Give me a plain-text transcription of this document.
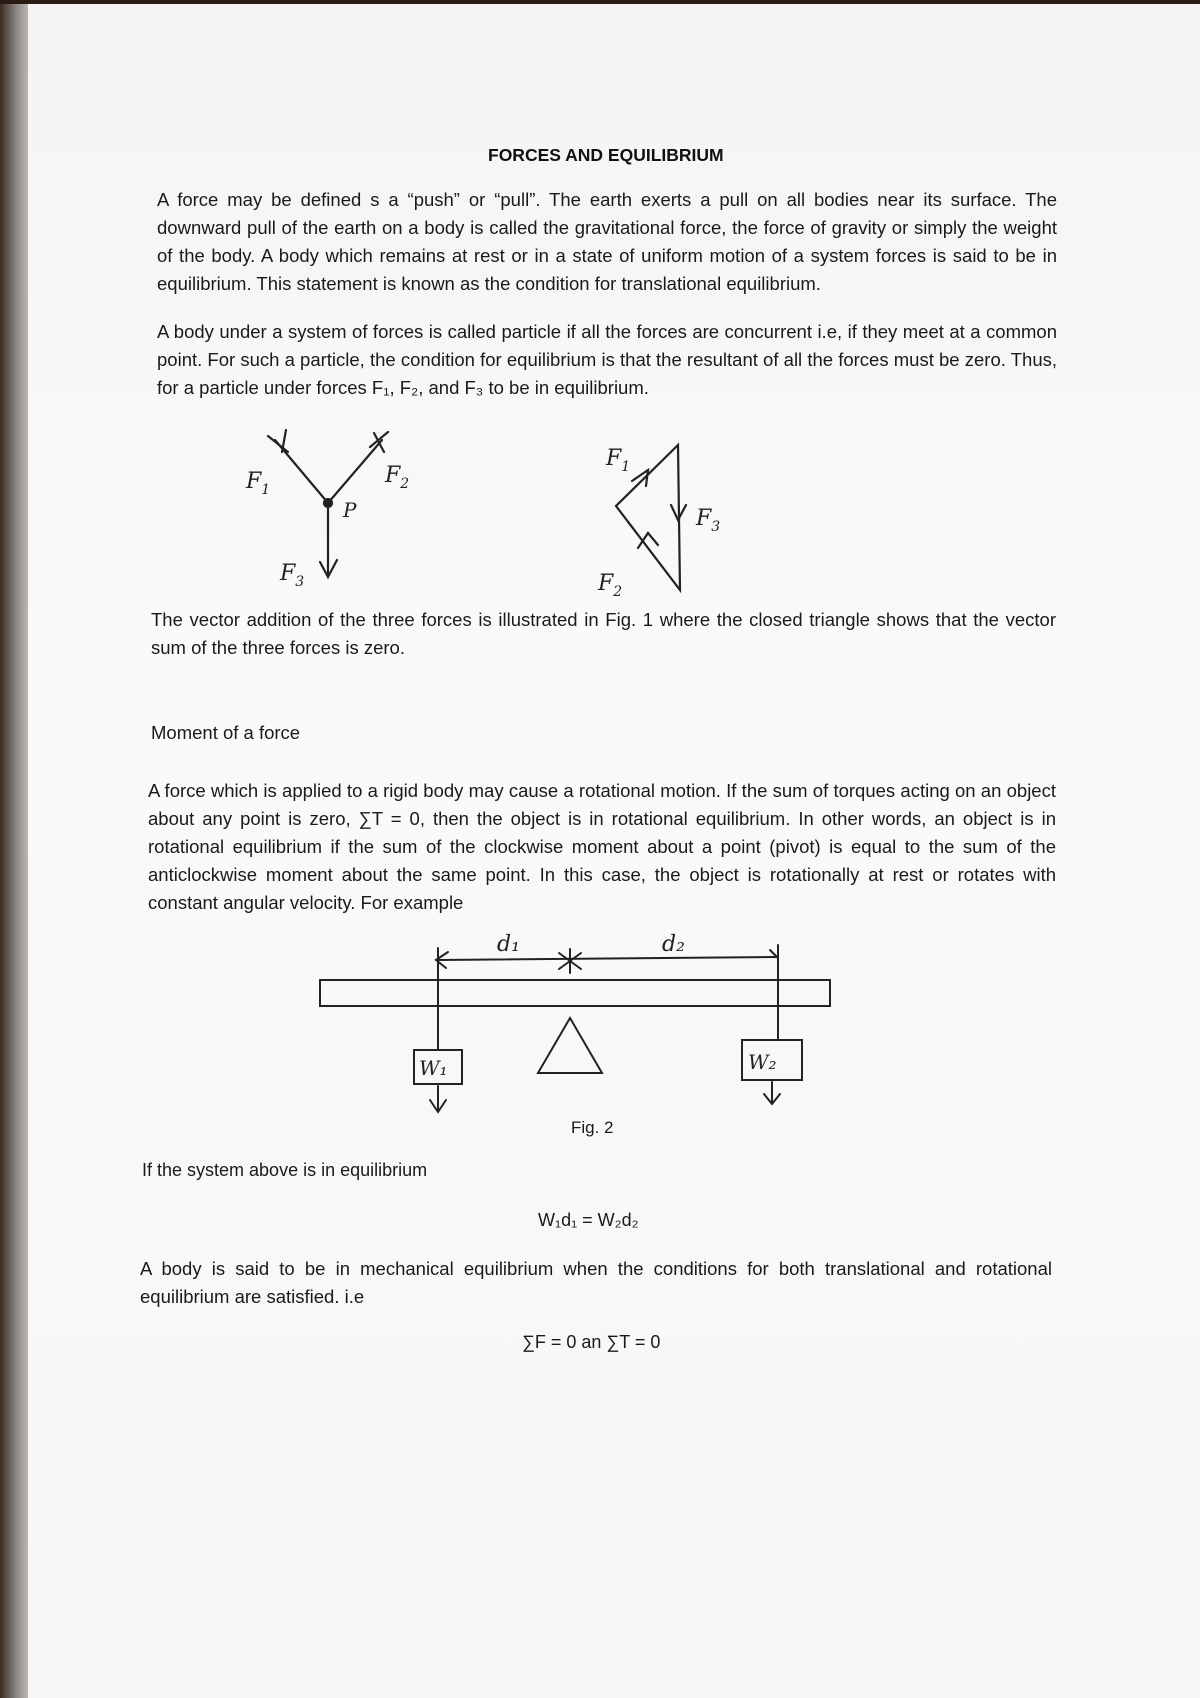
FORCES AND EQUILIBRIUM
A force may be defined s a “push” or “pull”. The earth exerts a pull on all bodies near its surface. The downward pull of the earth on a body is called the gravitational force, the force of gravity or simply the weight of the body. A body which remains at rest or in a state of uniform motion of a system forces is said to be in equilibrium. This statement is known as the condition for translational equilibrium.
A body under a system of forces is called particle if all the forces are concurrent i.e, if they meet at a common point. For such a particle, the condition for equilibrium is that the resultant of all the forces must be zero. Thus, for a particle under forces F₁, F₂, and F₃ to be in equilibrium.
$F_1$
$F_2$
$F_3$
P
$F_1$
$F_2$
$F_3$
The vector addition of the three forces is illustrated in Fig. 1 where the closed triangle shows that the vector sum of the three forces is zero.
Moment of a force
A force which is applied to a rigid body may cause a rotational motion. If the sum of torques acting on an object about any point is zero, ∑T = 0, then the object is in rotational equilibrium. In other words, an object is in rotational equilibrium if the sum of the clockwise moment about a point (pivot) is equal to the sum of the anticlockwise moment about the same point. In this case, the object is rotationally at rest or rotates with constant angular velocity. For example
d₁	d₂
W₁	W₂
Fig. 2
If the system above is in equilibrium
W₁d₁ = W₂d₂
A body is said to be in mechanical equilibrium when the conditions for both translational and rotational equilibrium are satisfied. i.e
∑F = 0 an ∑T = 0
